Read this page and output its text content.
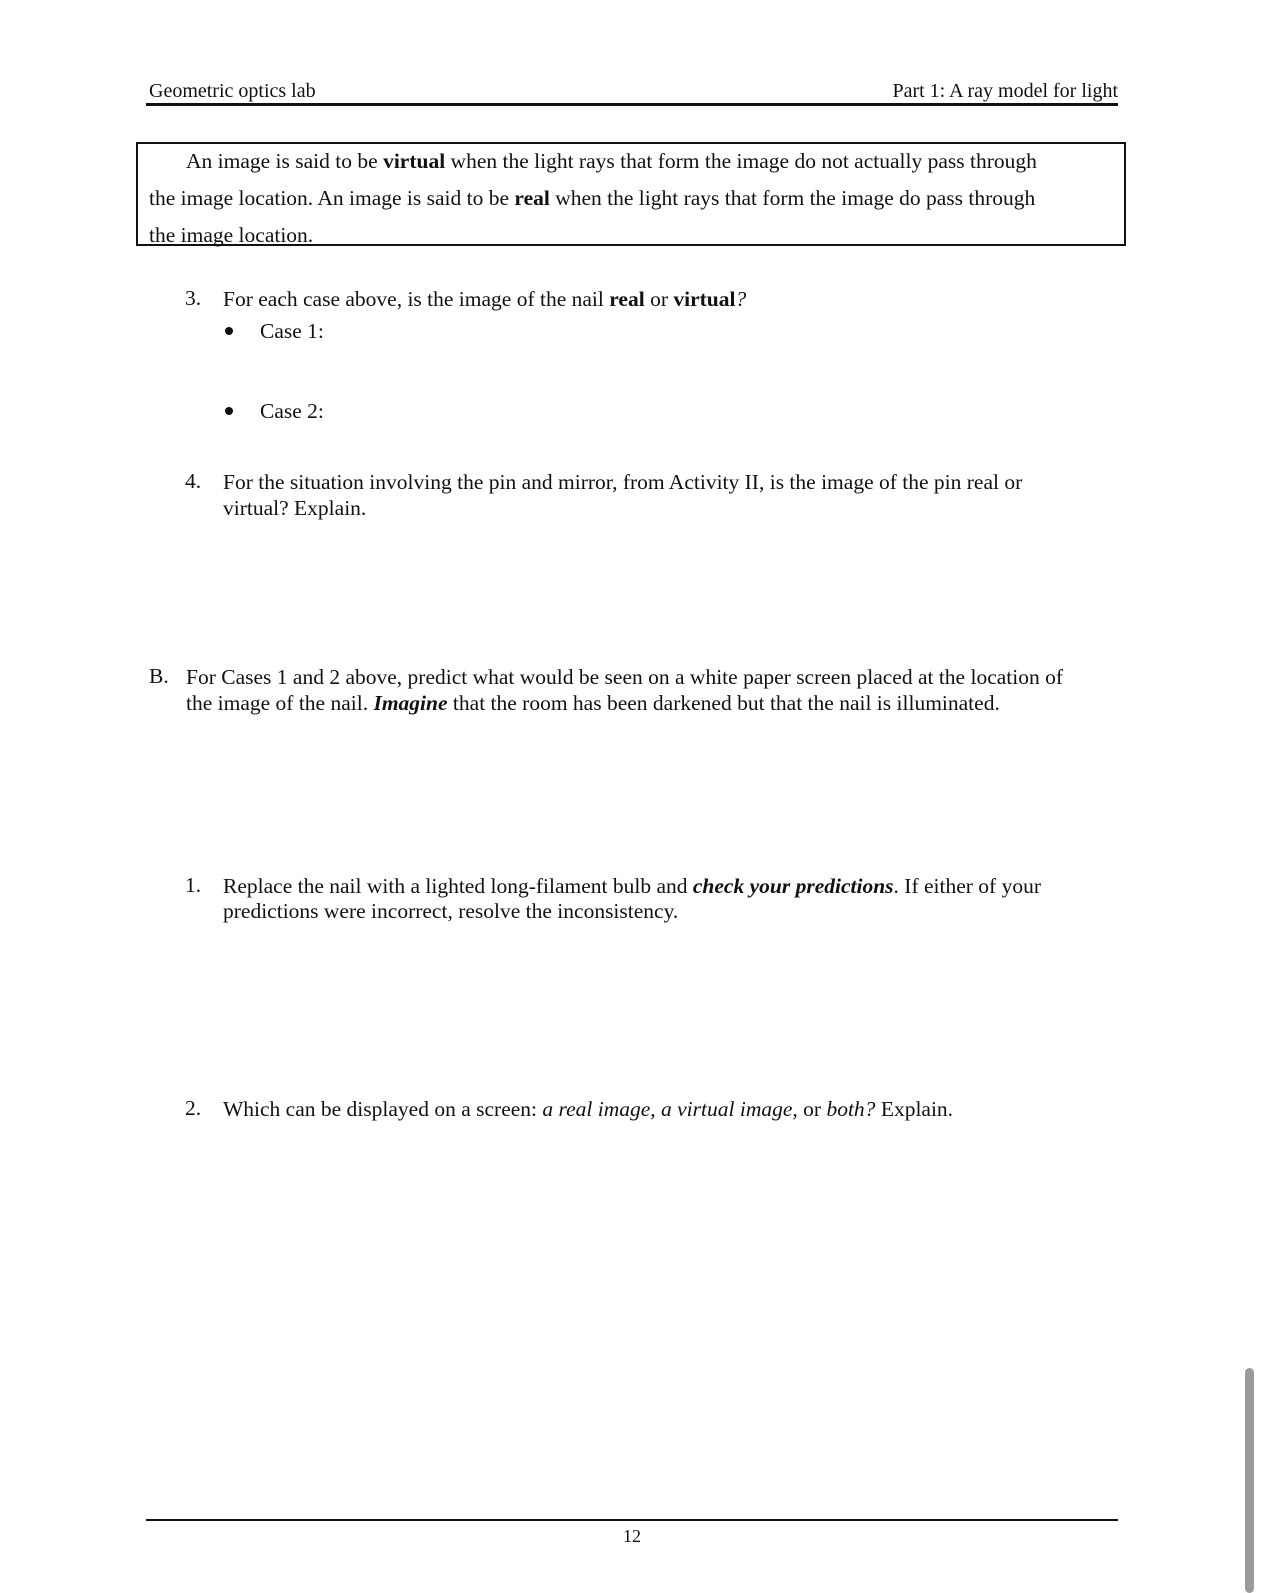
Geometric optics lab	Part 1: A ray model for light
An image is said to be virtual when the light rays that form the image do not actually pass through
the image location. An image is said to be real when the light rays that form the image do pass through
the image location.
3. For each case above, is the image of the nail real or virtual?
Case 1:
Case 2:
4. For the situation involving the pin and mirror, from Activity II, is the image of the pin real or
virtual? Explain.
B. For Cases 1 and 2 above, predict what would be seen on a white paper screen placed at the location of
the image of the nail. Imagine that the room has been darkened but that the nail is illuminated.
1. Replace the nail with a lighted long-filament bulb and check your predictions. If either of your
predictions were incorrect, resolve the inconsistency.
2. Which can be displayed on a screen: a real image, a virtual image, or both? Explain.
12
